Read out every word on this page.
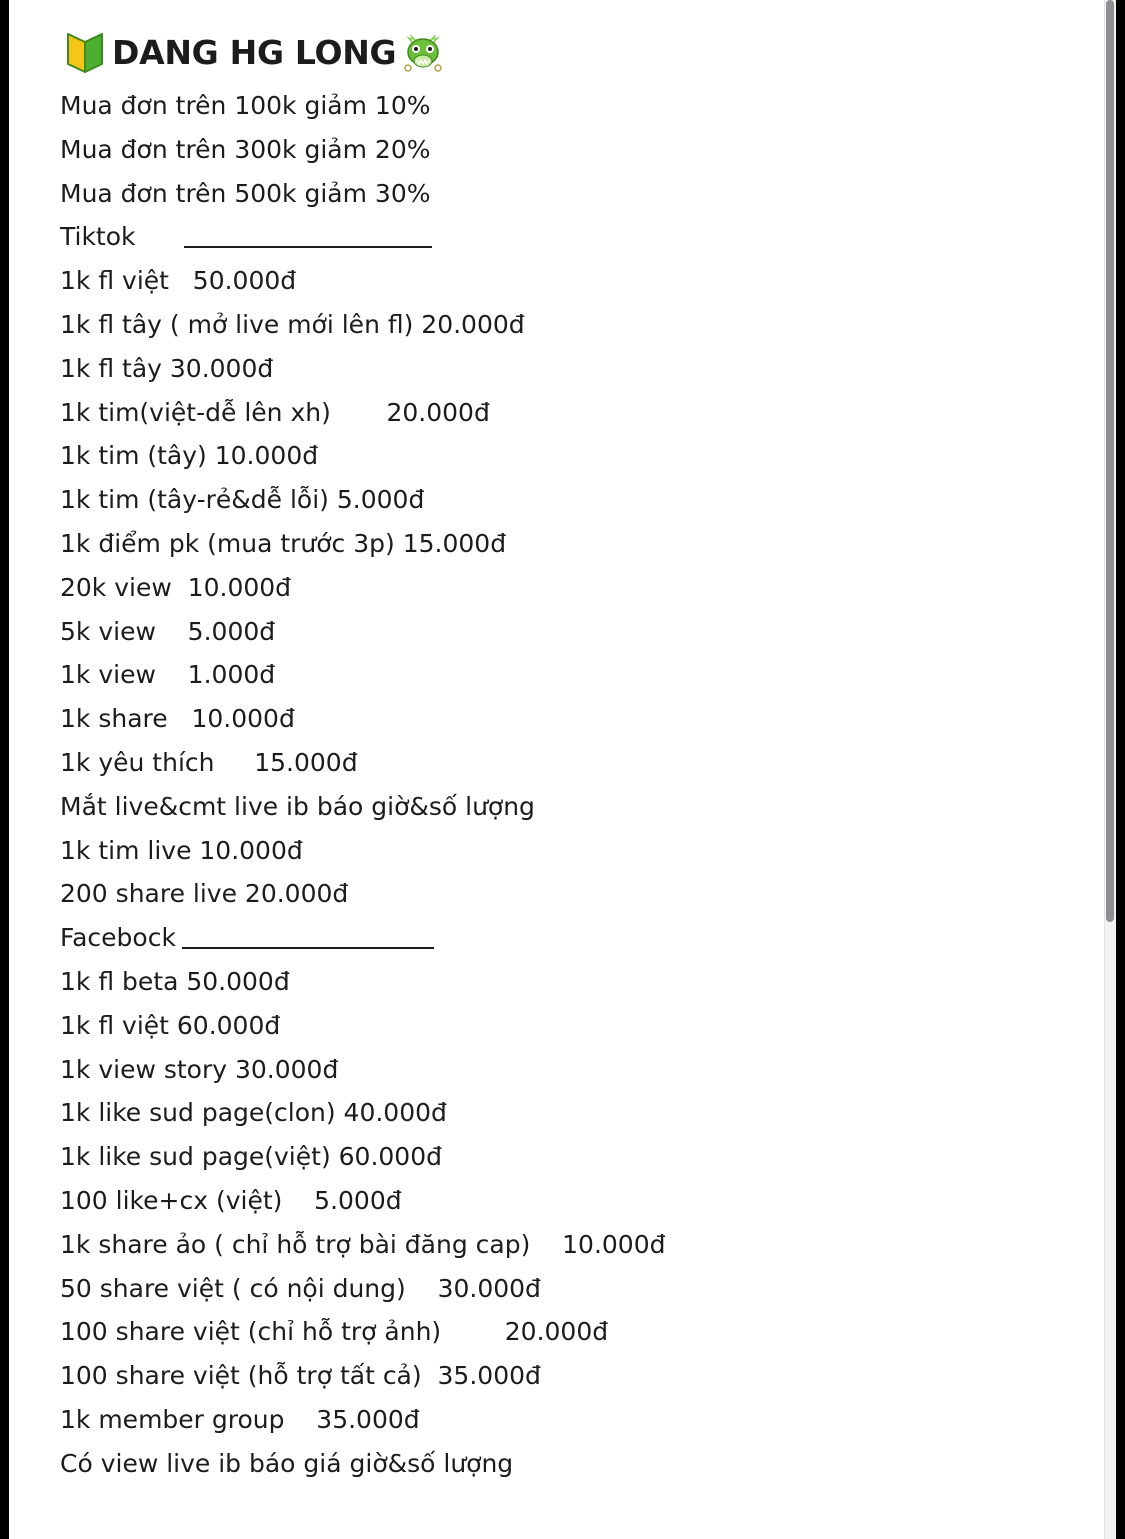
DANG HG LONG
Mua đơn trên 100k giảm 10%
Mua đơn trên 300k giảm 20%
Mua đơn trên 500k giảm 30%
Tiktok
1k fl việt   50.000đ
1k fl tây ( mở live mới lên fl) 20.000đ
1k fl tây 30.000đ
1k tim(việt-dễ lên xh)       20.000đ
1k tim (tây) 10.000đ
1k tim (tây-rẻ&dễ lỗi) 5.000đ
1k điểm pk (mua trước 3p) 15.000đ
20k view  10.000đ
5k view    5.000đ
1k view    1.000đ
1k share   10.000đ
1k yêu thích     15.000đ
Mắt live&cmt live ib báo giờ&số lượng
1k tim live 10.000đ
200 share live 20.000đ
Facebock
1k fl beta 50.000đ
1k fl việt 60.000đ
1k view story 30.000đ
1k like sud page(clon) 40.000đ
1k like sud page(việt) 60.000đ
100 like+cx (việt)    5.000đ
1k share ảo ( chỉ hỗ trợ bài đăng cap)    10.000đ
50 share việt ( có nội dung)    30.000đ
100 share việt (chỉ hỗ trợ ảnh)        20.000đ
100 share việt (hỗ trợ tất cả)  35.000đ
1k member group    35.000đ
Có view live ib báo giá giờ&số lượng
